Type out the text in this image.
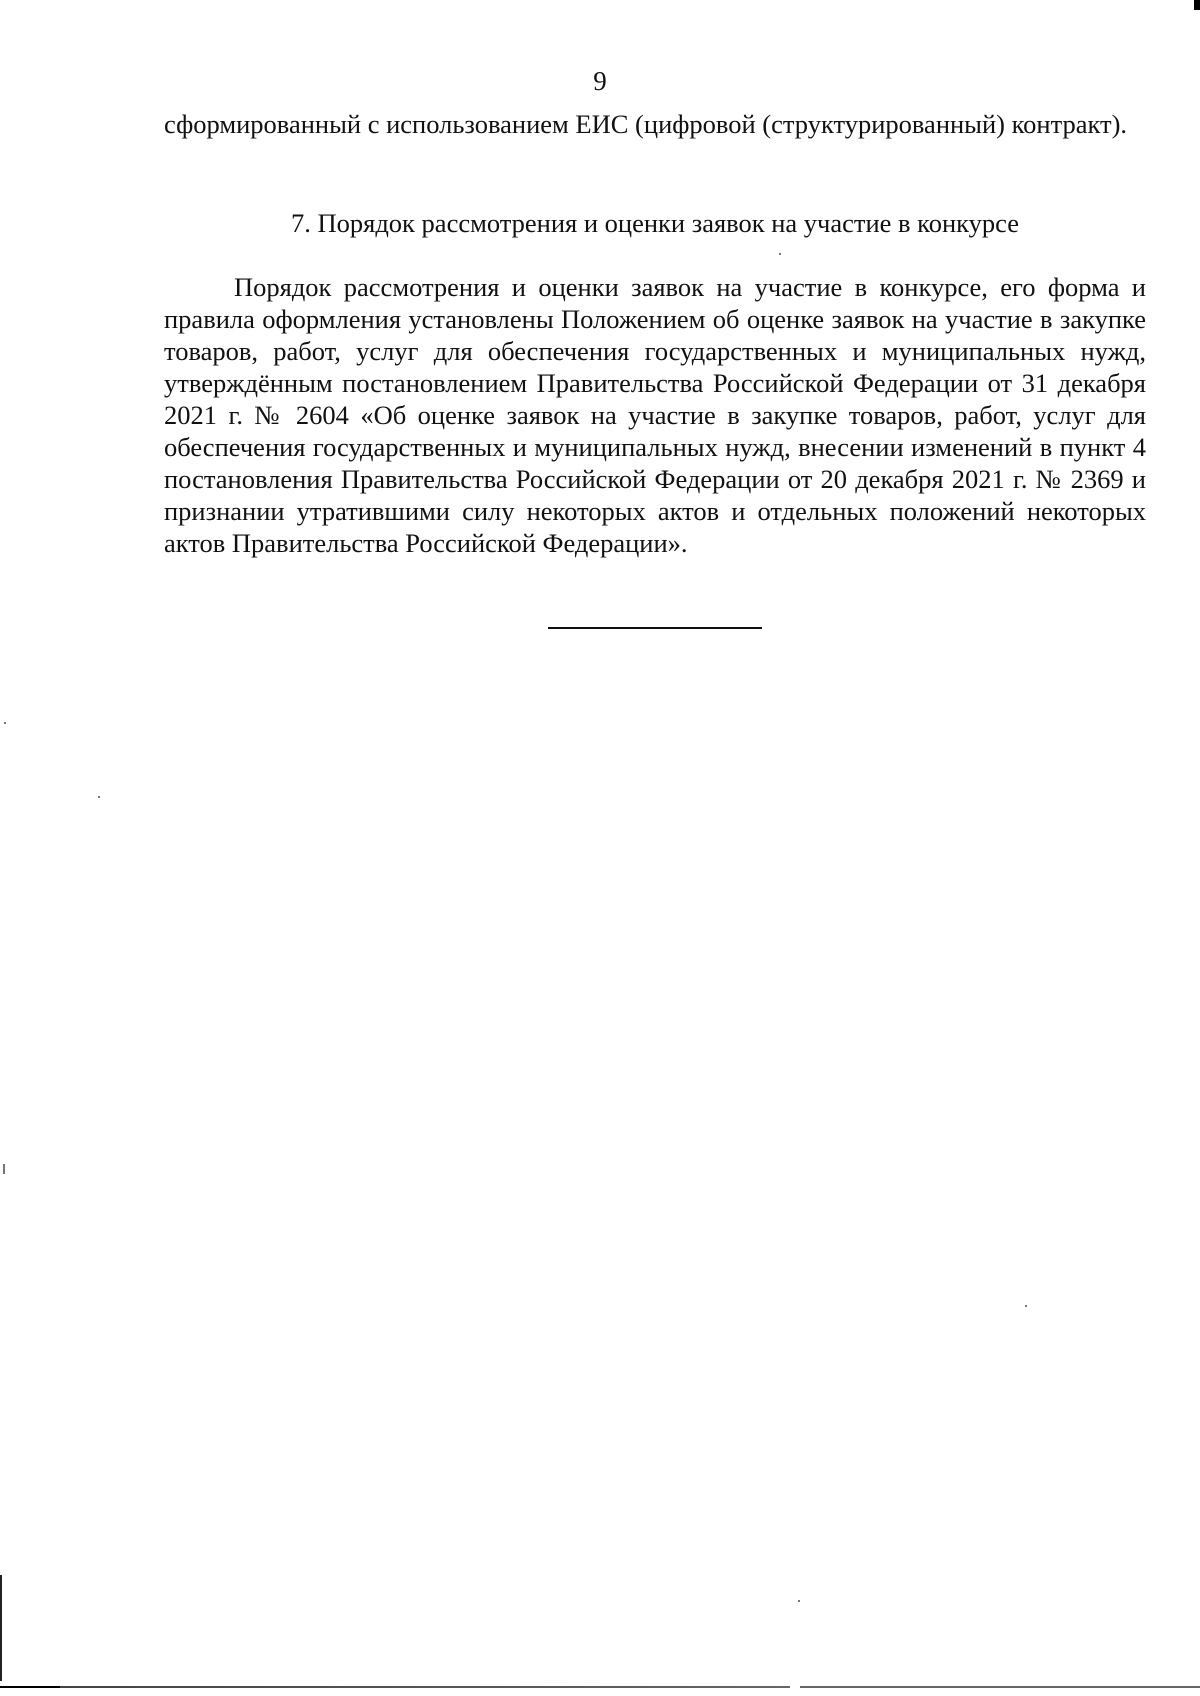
9

сформированный с использованием ЕИС (цифровой (структурированный) контракт).

7. Порядок рассмотрения и оценки заявок на участие в конкурсе

Порядок рассмотрения и оценки заявок на участие в конкурсе, его форма и правила оформления установлены Положением об оценке заявок на участие в закупке товаров, работ, услуг для обеспечения государственных и муниципальных нужд, утверждённым постановлением Правительства Российской Федерации от 31 декабря 2021 г. № 2604 «Об оценке заявок на участие в закупке товаров, работ, услуг для обеспечения государственных и муниципальных нужд, внесении изменений в пункт 4 постановления Правительства Российской Федерации от 20 декабря 2021 г. № 2369 и признании утратившими силу некоторых актов и отдельных положений некоторых актов Правительства Российской Федерации».
